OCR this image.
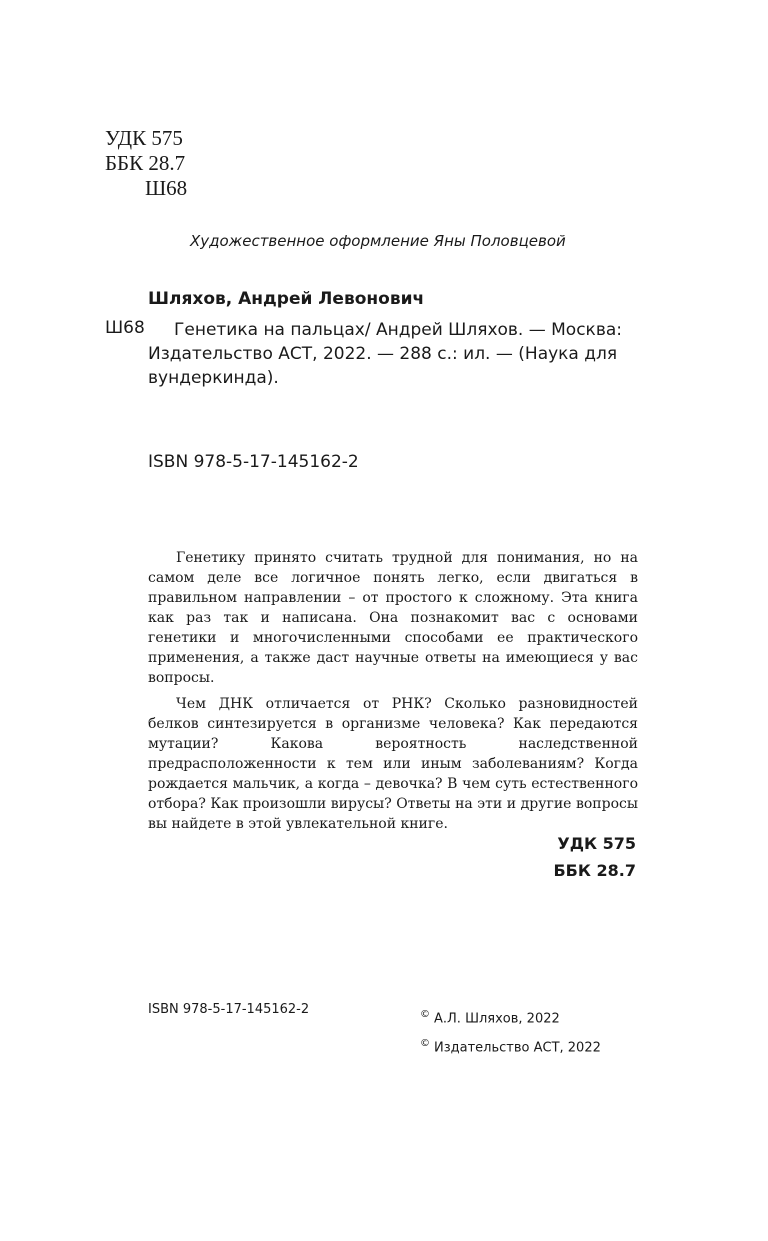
УДК 575
ББК 28.7
Ш68
Художественное оформление Яны Половцевой
Шляхов, Андрей Левонович
Ш68	Генетика на пальцах/ Андрей Шляхов. — Москва: Издательство АСТ, 2022. — 288 с.: ил. — (Наука для вундеркинда).

ISBN 978-5-17-145162-2

Генетику принято считать трудной для понимания, но на самом деле все логичное понять легко, если двигаться в правильном направлении – от простого к сложному. Эта книга как раз так и написана. Она познакомит вас с основами генетики и многочисленными способами ее практического применения, а также даст научные ответы на имеющиеся у вас вопросы.

Чем ДНК отличается от РНК? Сколько разновидностей белков синтезируется в организме человека? Как передаются мутации? Какова вероятность наследственной предрасположенности к тем или иным заболеваниям? Когда рождается мальчик, а когда – девочка? В чем суть естественного отбора? Как произошли вирусы? Ответы на эти и другие вопросы вы найдете в этой увлекательной книге.

УДК 575
ББК 28.7
ISBN 978-5-17-145162-2	© А.Л. Шляхов, 2022
© Издательство АСТ, 2022
